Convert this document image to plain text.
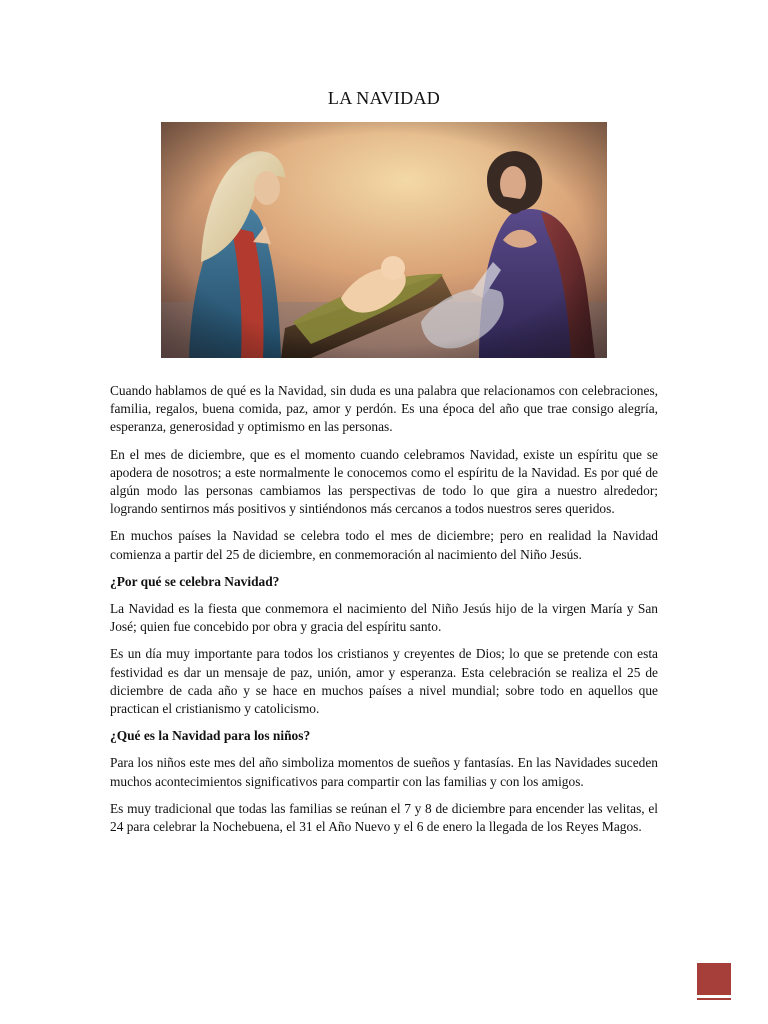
LA NAVIDAD

Cuando hablamos de qué es la Navidad, sin duda es una palabra que relacionamos con celebraciones, familia, regalos, buena comida, paz, amor y perdón. Es una época del año que trae consigo alegría, esperanza, generosidad y optimismo en las personas.

En el mes de diciembre, que es el momento cuando celebramos Navidad, existe un espíritu que se apodera de nosotros; a este normalmente le conocemos como el espíritu de la Navidad. Es por qué de algún modo las personas cambiamos las perspectivas de todo lo que gira a nuestro alrededor; logrando sentirnos más positivos y sintiéndonos más cercanos a todos nuestros seres queridos.

En muchos países la Navidad se celebra todo el mes de diciembre; pero en realidad la Navidad comienza a partir del 25 de diciembre, en conmemoración al nacimiento del Niño Jesús.

¿Por qué se celebra Navidad?

La Navidad es la fiesta que conmemora el nacimiento del Niño Jesús hijo de la virgen María y San José; quien fue concebido por obra y gracia del espíritu santo.

Es un día muy importante para todos los cristianos y creyentes de Dios; lo que se pretende con esta festividad es dar un mensaje de paz, unión, amor y esperanza. Esta celebración se realiza el 25 de diciembre de cada año y se hace en muchos países a nivel mundial; sobre todo en aquellos que practican el cristianismo y catolicismo.

¿Qué es la Navidad para los niños?

Para los niños este mes del año simboliza momentos de sueños y fantasías. En las Navidades suceden muchos acontecimientos significativos para compartir con las familias y con los amigos.

Es muy tradicional que todas las familias se reúnan el 7 y 8 de diciembre para encender las velitas, el 24 para celebrar la Nochebuena, el 31 el Año Nuevo y el 6 de enero la llegada de los Reyes Magos.
